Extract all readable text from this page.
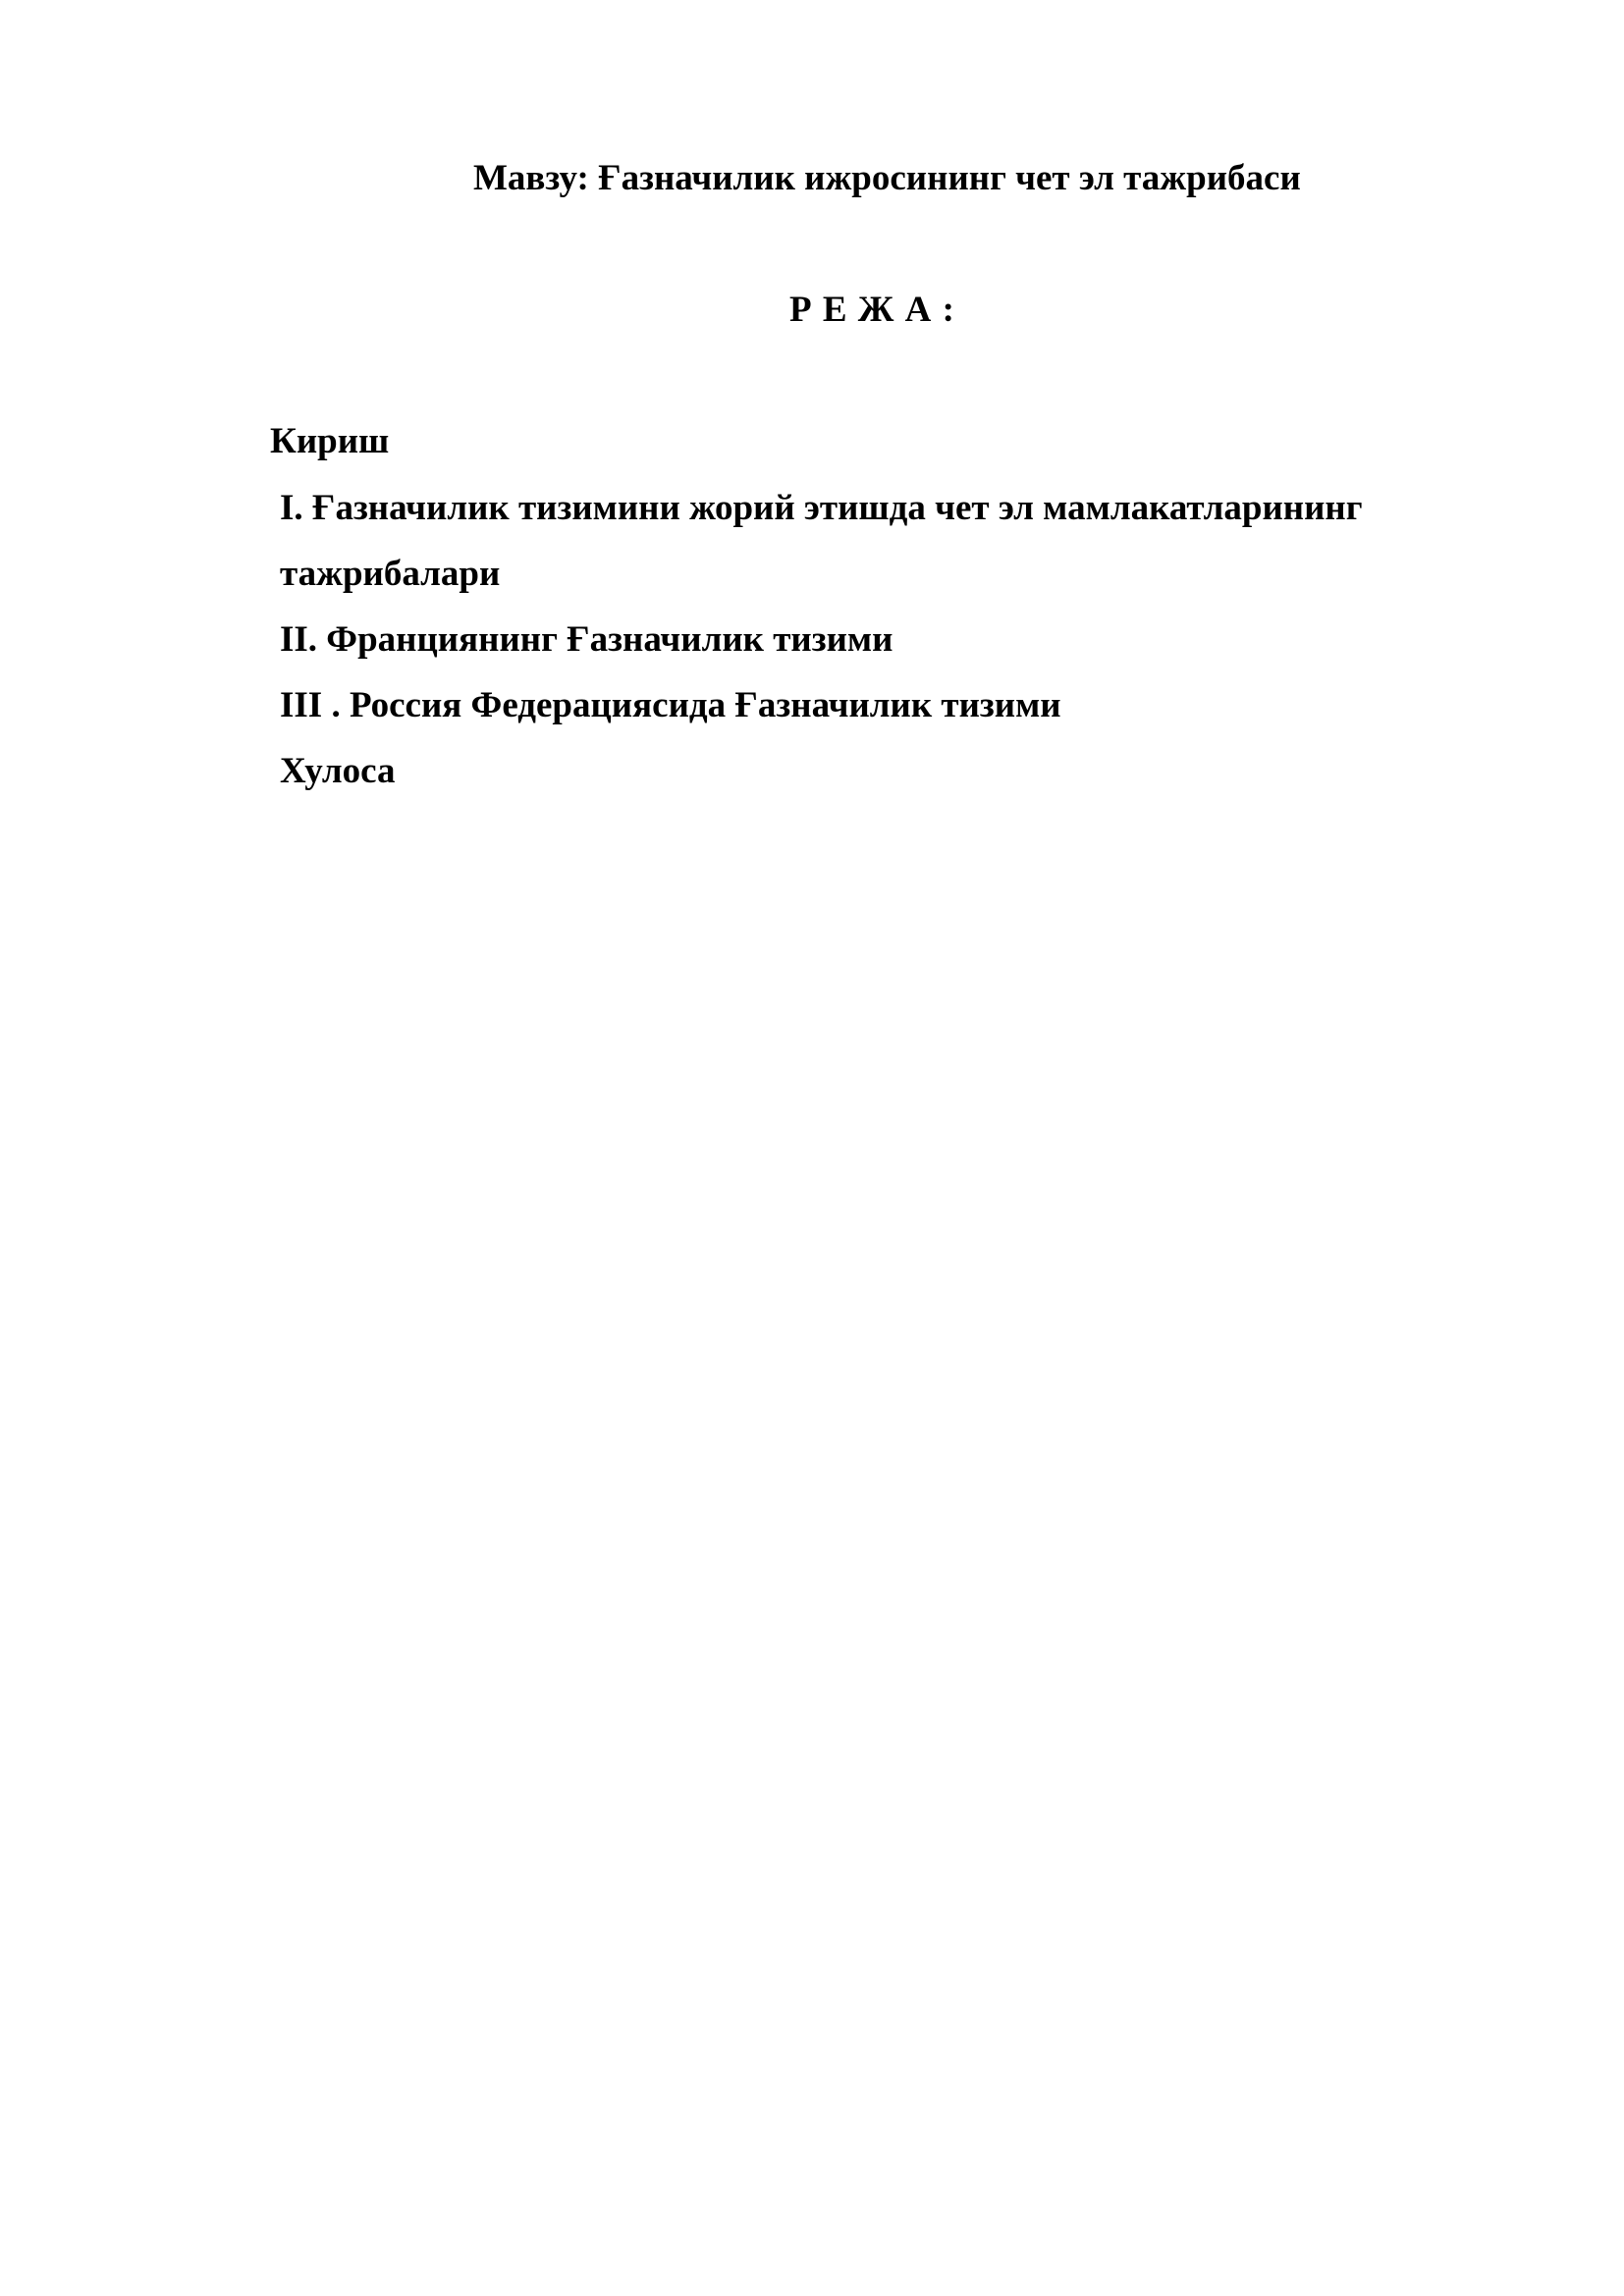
Мавзу: Ғазначилик ижросининг чет эл тажрибаси
Р Е Ж А :
Кириш
I. Ғазначилик тизимини жорий этишда чет эл мамлакатларининг
тажрибалари
II. Франциянинг Ғазначилик тизими
III . Россия Федерациясида Ғазначилик тизими
Хулоса
